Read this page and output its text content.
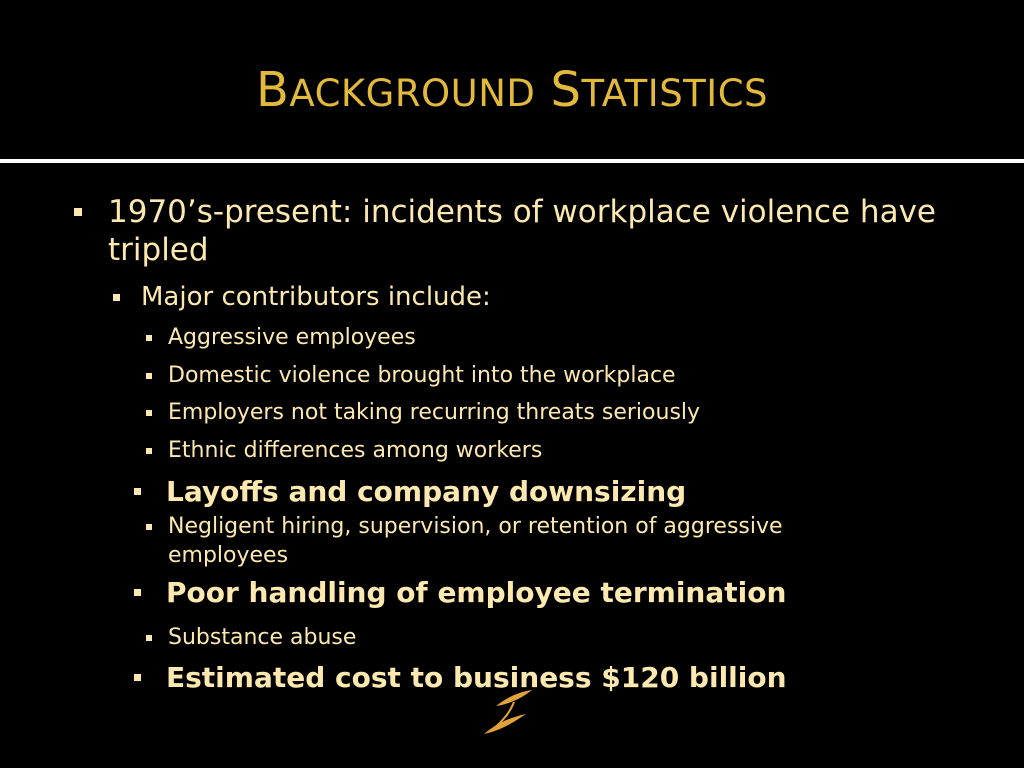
BACKGROUND STATISTICS
1970’s-present: incidents of workplace violence have tripled
Major contributors include:
Aggressive employees
Domestic violence brought into the workplace
Employers not taking recurring threats seriously
Ethnic differences among workers
Layoffs and company downsizing
Negligent hiring, supervision, or retention of aggressive employees
Poor handling of employee termination
Substance abuse
Estimated cost to business $120 billion
